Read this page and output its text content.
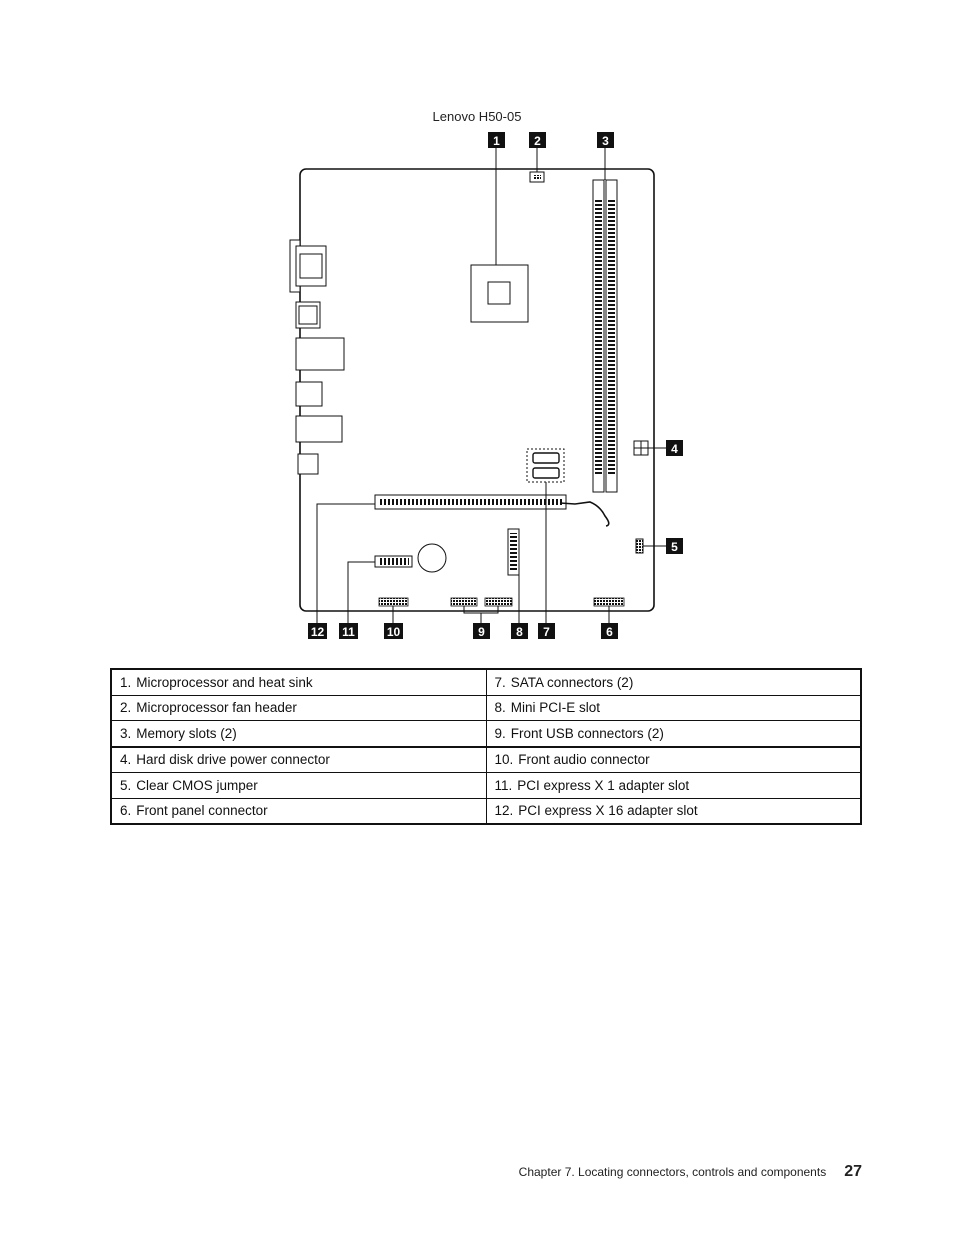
Lenovo H50-05
1	2	3
4
5
6
7
8
9
10
11
12
1. Microprocessor and heat sink	7. SATA connectors (2)
2. Microprocessor fan header	8. Mini PCI-E slot
3. Memory slots (2)	9. Front USB connectors (2)
4. Hard disk drive power connector	10. Front audio connector
5. Clear CMOS jumper	11. PCI express X 1 adapter slot
6. Front panel connector	12. PCI express X 16 adapter slot
Chapter 7. Locating connectors, controls and components 27
